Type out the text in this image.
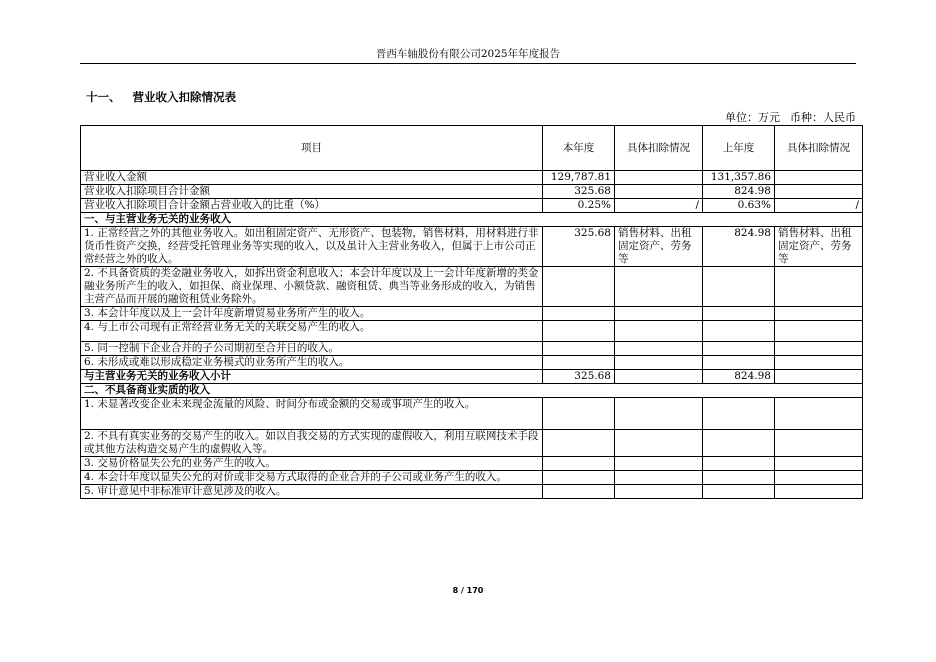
晋西车轴股份有限公司2025年年度报告
十一、 营业收入扣除情况表
单位：万元 币种：人民币
项目	本年度	具体扣除情况	上年度	具体扣除情况
营业收入金额	129,787.81		131,357.86	
营业收入扣除项目合计金额	325.68		824.98	
营业收入扣除项目合计金额占营业收入的比重（%）	0.25%	/	0.63%	/
一、与主营业务无关的业务收入				
1. 正常经营之外的其他业务收入。如出租固定资产、无形资产、包装物，销售材料，用材料进行非货币性资产交换，经营受托管理业务等实现的收入，以及虽计入主营业务收入，但属于上市公司正常经营之外的收入。	325.68	销售材料、出租固定资产、劳务等	824.98	销售材料、出租固定资产、劳务等
2. 不具备资质的类金融业务收入，如拆出资金利息收入；本会计年度以及上一会计年度新增的类金融业务所产生的收入，如担保、商业保理、小额贷款、融资租赁、典当等业务形成的收入，为销售主营产品而开展的融资租赁业务除外。				
3. 本会计年度以及上一会计年度新增贸易业务所产生的收入。				
4. 与上市公司现有正常经营业务无关的关联交易产生的收入。				
5. 同一控制下企业合并的子公司期初至合并日的收入。				
6. 未形成或难以形成稳定业务模式的业务所产生的收入。				
与主营业务无关的业务收入小计	325.68		824.98	
二、不具备商业实质的收入				
1. 未显著改变企业未来现金流量的风险、时间分布或金额的交易或事项产生的收入。				
2. 不具有真实业务的交易产生的收入。如以自我交易的方式实现的虚假收入，利用互联网技术手段或其他方法构造交易产生的虚假收入等。				
3. 交易价格显失公允的业务产生的收入。				
4. 本会计年度以显失公允的对价或非交易方式取得的企业合并的子公司或业务产生的收入。				
5. 审计意见中非标准审计意见涉及的收入。				
8 / 170
